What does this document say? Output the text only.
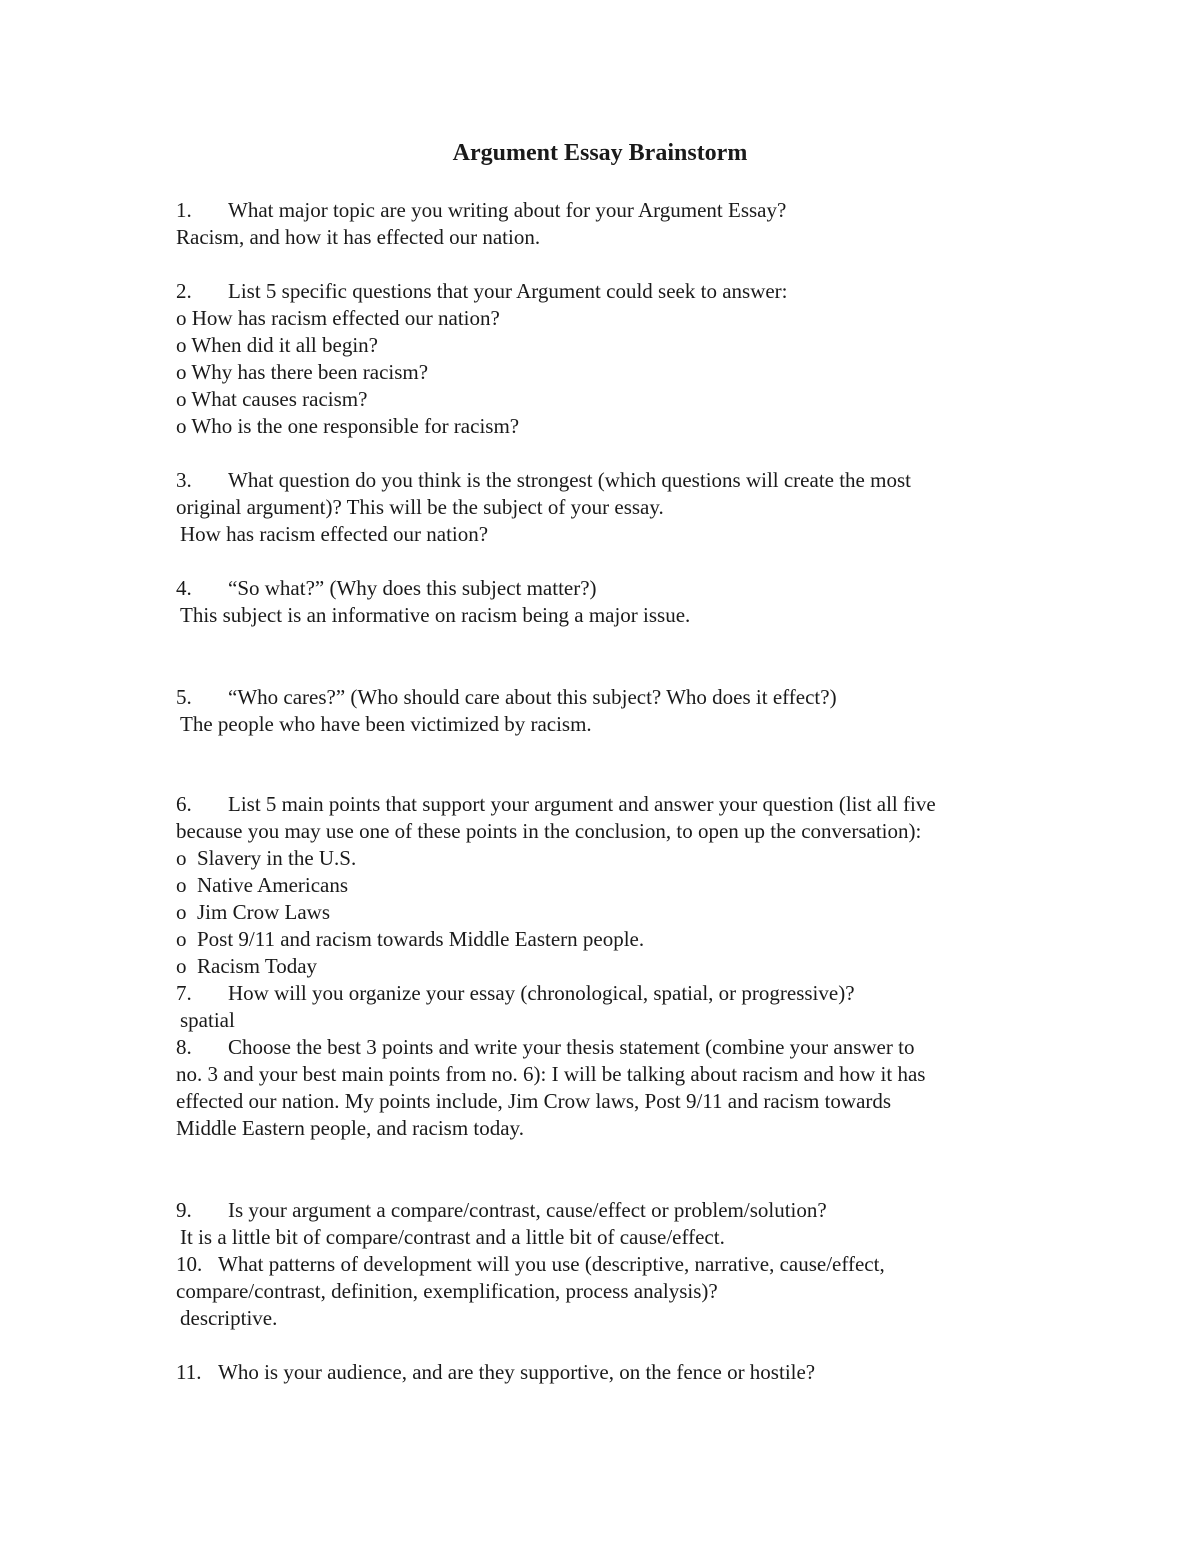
Argument Essay Brainstorm
1. What major topic are you writing about for your Argument Essay?
Racism, and how it has effected our nation.
2. List 5 specific questions that your Argument could seek to answer:
o How has racism effected our nation?
o When did it all begin?
o Why has there been racism?
o What causes racism?
o Who is the one responsible for racism?
3. What question do you think is the strongest (which questions will create the most
original argument)? This will be the subject of your essay.
How has racism effected our nation?
4. “So what?” (Why does this subject matter?)
This subject is an informative on racism being a major issue.
5. “Who cares?” (Who should care about this subject? Who does it effect?)
The people who have been victimized by racism.
6. List 5 main points that support your argument and answer your question (list all five
because you may use one of these points in the conclusion, to open up the conversation):
o  Slavery in the U.S.
o  Native Americans
o  Jim Crow Laws
o  Post 9/11 and racism towards Middle Eastern people.
o  Racism Today
7. How will you organize your essay (chronological, spatial, or progressive)?
spatial
8. Choose the best 3 points and write your thesis statement (combine your answer to
no. 3 and your best main points from no. 6): I will be talking about racism and how it has
effected our nation. My points include, Jim Crow laws, Post 9/11 and racism towards
Middle Eastern people, and racism today.
9. Is your argument a compare/contrast, cause/effect or problem/solution?
It is a little bit of compare/contrast and a little bit of cause/effect.
10. What patterns of development will you use (descriptive, narrative, cause/effect,
compare/contrast, definition, exemplification, process analysis)?
descriptive.
11. Who is your audience, and are they supportive, on the fence or hostile?
